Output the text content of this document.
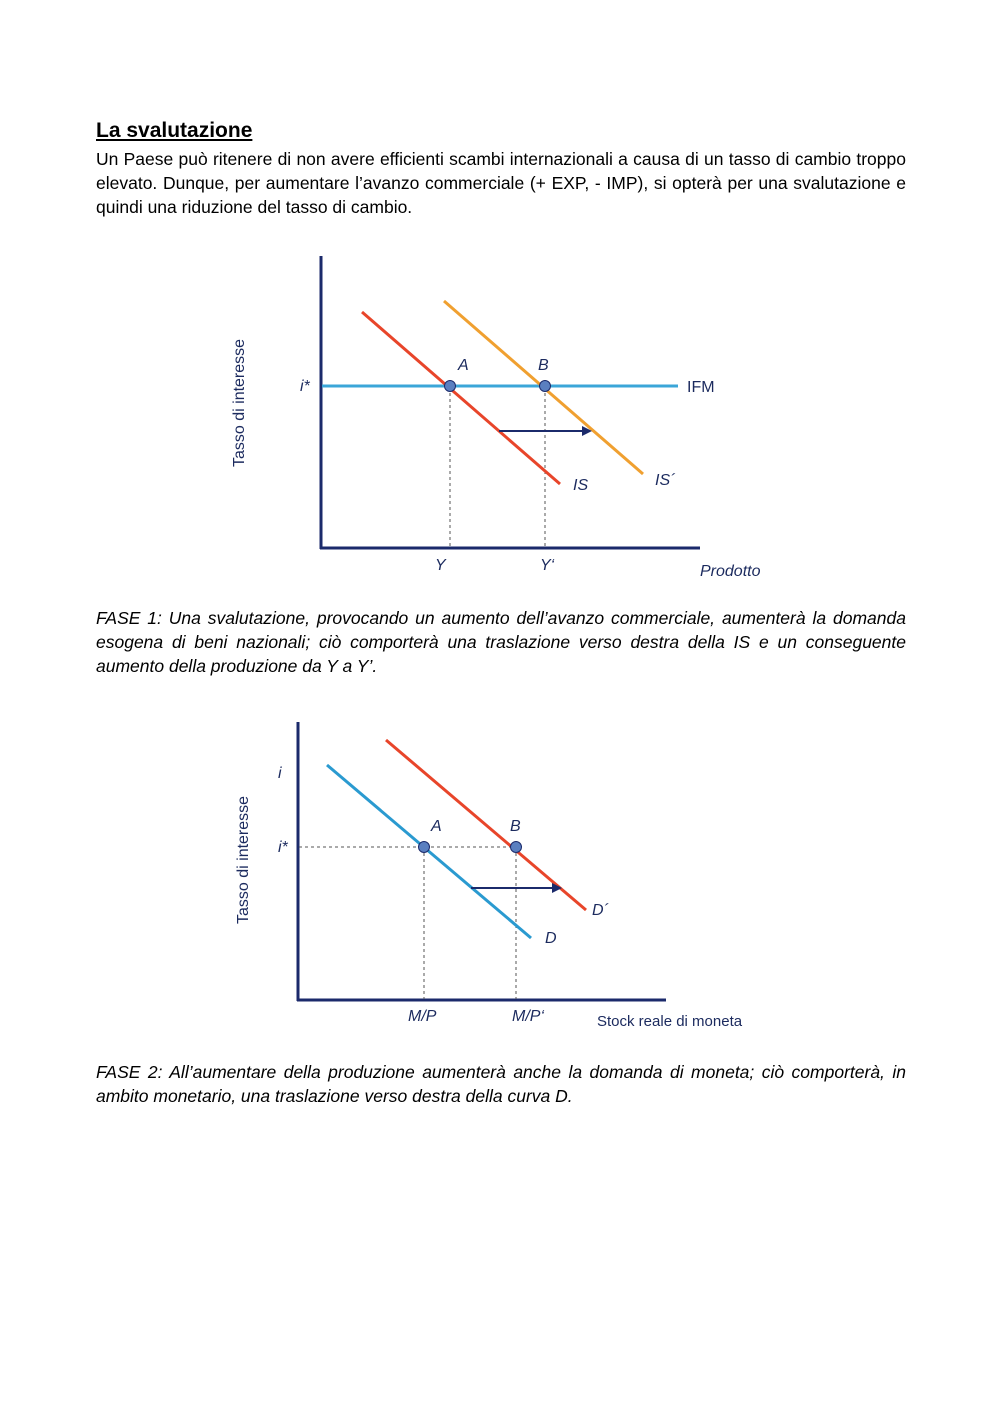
La svalutazione

Un Paese può ritenere di non avere efficienti scambi internazionali a causa di un tasso di cambio troppo elevato. Dunque, per aumentare l’avanzo commerciale (+ EXP, - IMP), si opterà per una svalutazione e quindi una riduzione del tasso di cambio.

Tasso di interesse	i*
A	B
IFM
IS	IS´
Y	Y‘	Prodotto

FASE 1: Una svalutazione, provocando un aumento dell’avanzo commerciale, aumenterà la domanda esogena di beni nazionali; ciò comporterà una traslazione verso destra della IS e un conseguente aumento della produzione da Y a Y’.

Tasso di interesse
i
i*
A	B
D´
D
M/P	M/P‘	Stock reale di moneta

FASE 2: All’aumentare della produzione aumenterà anche la domanda di moneta; ciò comporterà, in ambito monetario, una traslazione verso destra della curva D.
